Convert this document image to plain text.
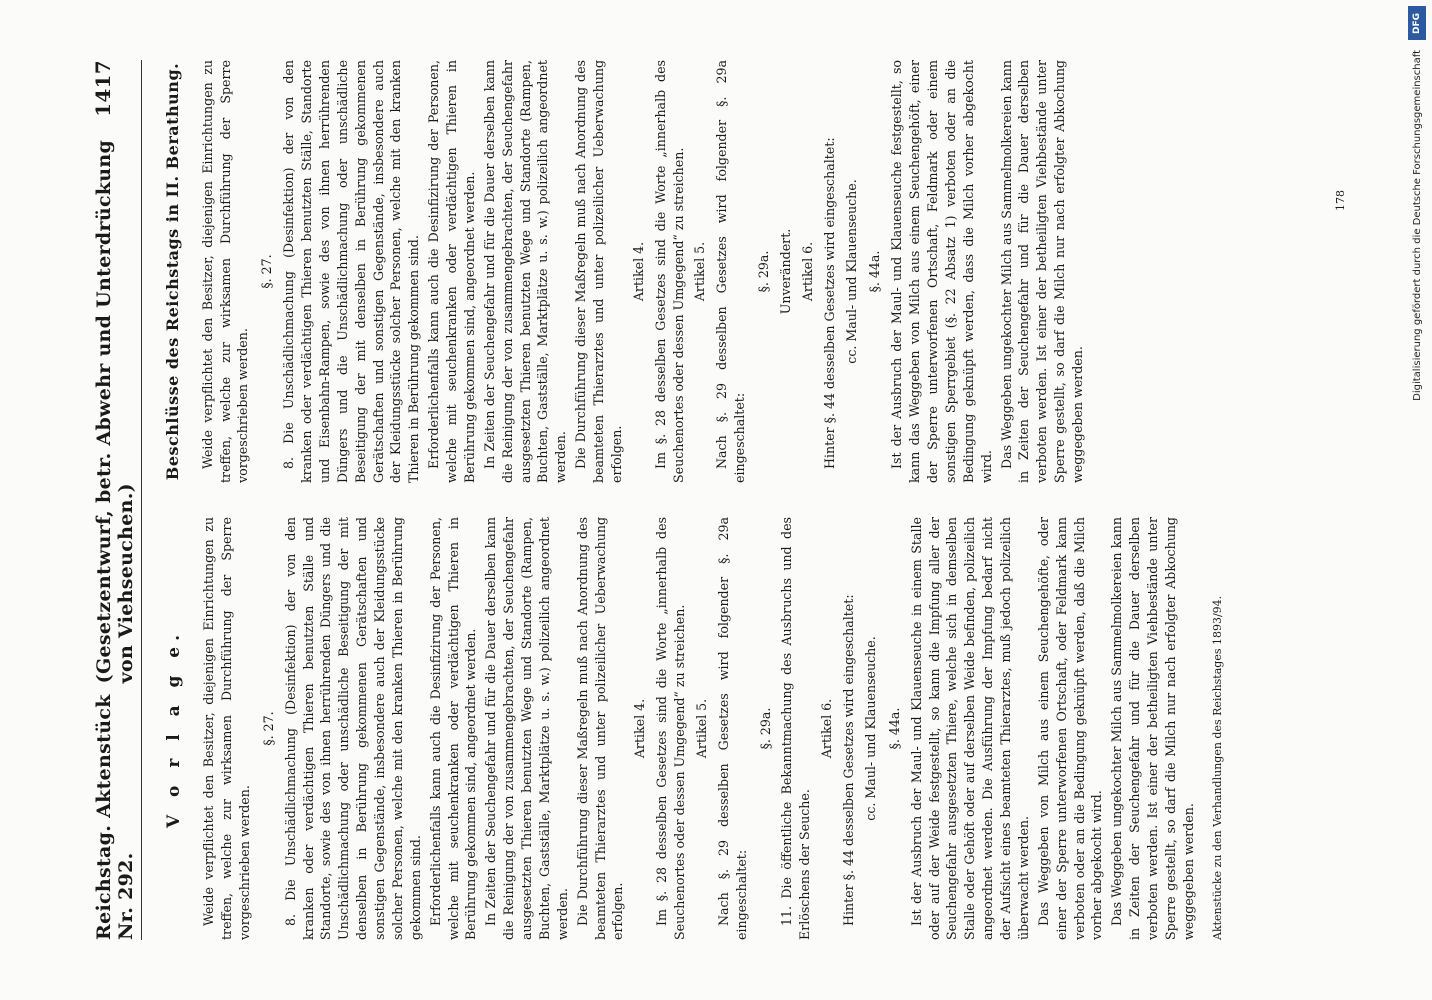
Reichstag. Aktenstück Nr. 292.
(Gesetzentwurf, betr. Abwehr und Unterdrückung von Viehseuchen.)
1417
V o r l a g e. Weide verpflichtet den Besitzer, diejenigen Einrichtungen zu treffen, welche zur wirksamen Durchführung der Sperre vorgeschrieben werden.

§. 27. 8. Die Unschädlichmachung (Desinfektion) der von den kranken oder verdächtigen Thieren benutzten Ställe und Standorte, sowie des von ihnen herrührenden Düngers und die Unschädlichmachung oder unschädliche Beseitigung der mit denselben in Berührung gekommenen Gerätschaften und sonstigen Gegenstände, insbesondere auch der Kleidungsstücke solcher Personen, welche mit den kranken Thieren in Berührung gekommen sind. Erforderlichenfalls kann auch die Desinfizirung der Personen, welche mit seuchenkranken oder verdächtigen Thieren in Berührung gekommen sind, angeordnet werden. In Zeiten der Seuchengefahr und für die Dauer derselben kann die Reinigung der von zusammengebrachten, der Seuchengefahr ausgesetzten Thieren benutzten Wege und Standorte (Rampen, Buchten, Gastställe, Marktplätze u. s. w.) polizeilich angeordnet werden. Die Durchführung dieser Maßregeln muß nach Anordnung des beamteten Thierarztes und unter polizeilicher Ueberwachung erfolgen.

Artikel 4. Im §. 28 desselben Gesetzes sind die Worte „innerhalb des Seuchenortes oder dessen Umgegend“ zu streichen. Artikel 5. Nach §. 29 desselben Gesetzes wird folgender §. 29a eingeschaltet:

§. 29a. 11. Die öffentliche Bekanntmachung des Ausbruchs und des Erlöschens der Seuche.

Artikel 6. Hinter §. 44 desselben Gesetzes wird eingeschaltet: cc. Maul- und Klauenseuche. §. 44a. Ist der Ausbruch der Maul- und Klauenseuche in einem Stalle oder auf der Weide festgestellt, so kann die Impfung aller der Seuchengefahr ausgesetzten Thiere, welche sich in demselben Stalle oder Gehöft oder auf derselben Weide befinden, polizeilich angeordnet werden. Die Ausführung der Impfung bedarf nicht der Aufsicht eines beamteten Thierarztes, muß jedoch polizeilich überwacht werden. Das Weggeben von Milch aus einem Seuchengehöfte, oder einer der Sperre unterworfenen Ortschaft, oder Feldmark kann verboten oder an die Bedingung geknüpft werden, daß die Milch vorher abgekocht wird. Das Weggeben ungekochter Milch aus Sammelmolkereien kann in Zeiten der Seuchengefahr und für die Dauer derselben verboten werden. Ist einer der betheiligten Viehbestände unter Sperre gestellt, so darf die Milch nur nach erfolgter Abkochung weggegeben werden. Aktenstücke zu den Verhandlungen des Reichstages 1893/94.
Beschlüsse des Reichstags in II. Berathung. Weide verpflichtet den Besitzer, diejenigen Einrichtungen zu treffen, welche zur wirksamen Durchführung der Sperre vorgeschrieben werden.

§. 27. 8. Die Unschädlichmachung (Desinfektion) der von den kranken oder verdächtigen Thieren benutzten Ställe, Standorte und Eisenbahn-Rampen, sowie des von ihnen herrührenden Düngers und die Unschädlichmachung oder unschädliche Beseitigung der mit denselben in Berührung gekommenen Gerätschaften und sonstigen Gegenstände, insbesondere auch der Kleidungsstücke solcher Personen, welche mit den kranken Thieren in Berührung gekommen sind. Erforderlichenfalls kann auch die Desinfizirung der Personen, welche mit seuchenkranken oder verdächtigen Thieren in Berührung gekommen sind, angeordnet werden. In Zeiten der Seuchengefahr und für die Dauer derselben kann die Reinigung der von zusammengebrachten, der Seuchengefahr ausgesetzten Thieren benutzten Wege und Standorte (Rampen, Buchten, Gastställe, Marktplätze u. s. w.) polizeilich angeordnet werden. Die Durchführung dieser Maßregeln muß nach Anordnung des beamteten Thierarztes und unter polizeilicher Ueberwachung erfolgen.

Artikel 4. Im §. 28 desselben Gesetzes sind die Worte „innerhalb des Seuchenortes oder dessen Umgegend“ zu streichen. Artikel 5. Nach §. 29 desselben Gesetzes wird folgender §. 29a eingeschaltet:

§. 29a. Unverändert. Artikel 6. Hinter §. 44 desselben Gesetzes wird eingeschaltet: cc. Maul- und Klauenseuche. §. 44a. Ist der Ausbruch der Maul- und Klauenseuche festgestellt, so kann das Weggeben von Milch aus einem Seuchengehöft, einer der Sperre unterworfenen Ortschaft, Feldmark oder einem sonstigen Sperrgebiet (§. 22 Absatz 1) verboten oder an die Bedingung geknüpft werden, dass die Milch vorher abgekocht wird. Das Weggeben ungekochter Milch aus Sammelmolkereien kann in Zeiten der Seuchengefahr und für die Dauer derselben verboten werden. Ist einer der betheiligten Viehbestände unter Sperre gestellt, so darf die Milch nur nach erfolgter Abkochung weggegeben werden.

178
DFG
Digitalisierung gefördert durch die Deutsche Forschungsgemeinschaft
